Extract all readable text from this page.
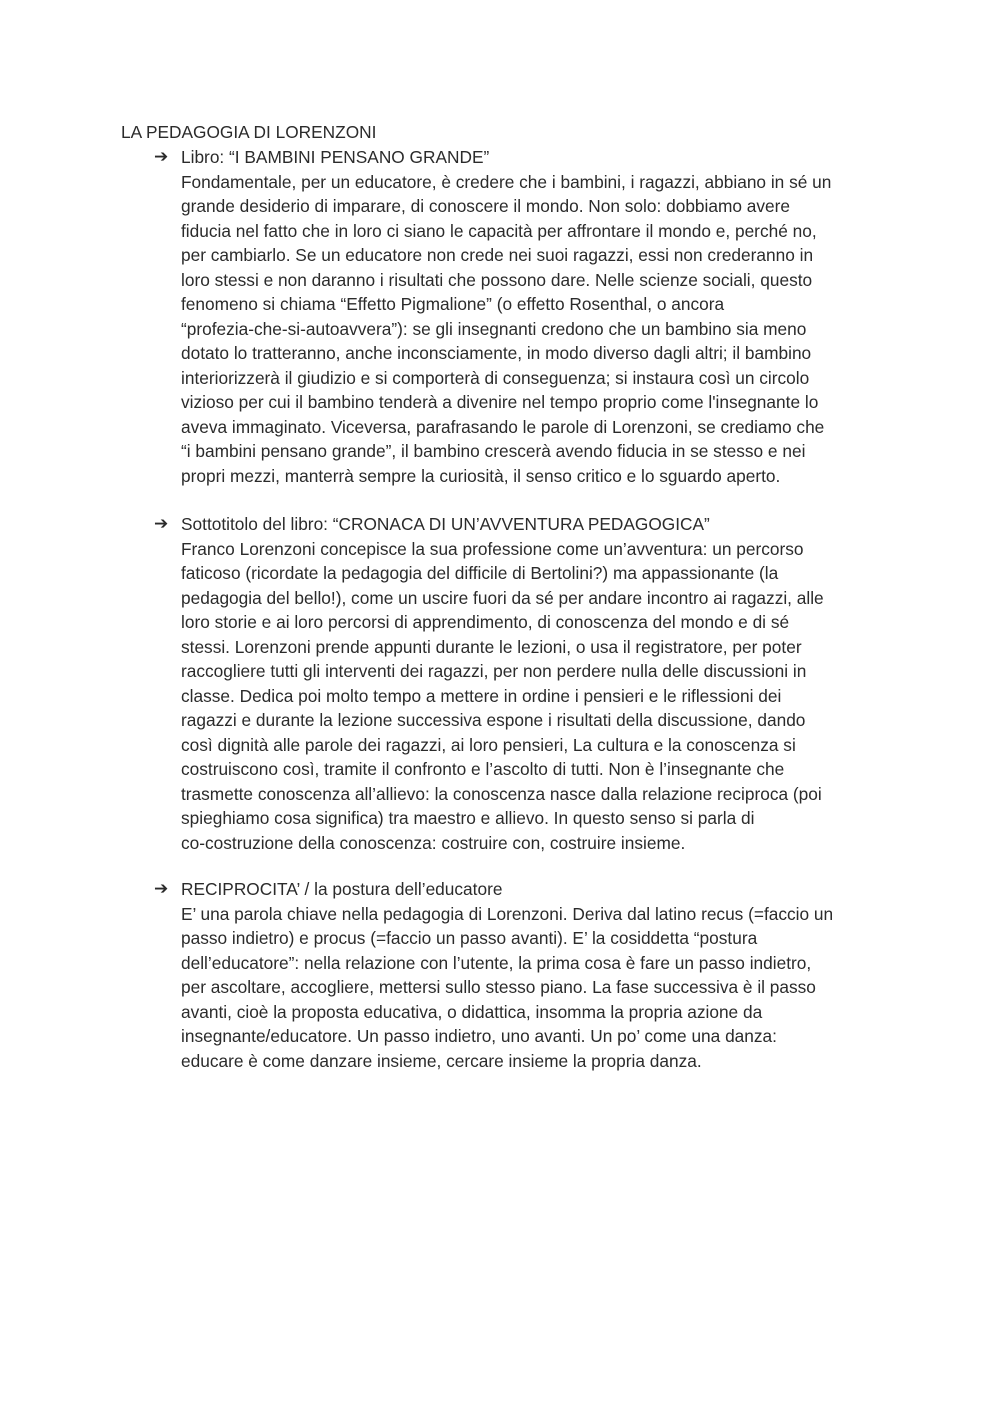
LA PEDAGOGIA DI LORENZONI
➔ Libro: “I BAMBINI PENSANO GRANDE”
Fondamentale, per un educatore, è credere che i bambini, i ragazzi, abbiano in sé un
grande desiderio di imparare, di conoscere il mondo. Non solo: dobbiamo avere
fiducia nel fatto che in loro ci siano le capacità per affrontare il mondo e, perché no,
per cambiarlo. Se un educatore non crede nei suoi ragazzi, essi non crederanno in
loro stessi e non daranno i risultati che possono dare. Nelle scienze sociali, questo
fenomeno si chiama “Effetto Pigmalione” (o effetto Rosenthal, o ancora
“profezia-che-si-autoavvera”): se gli insegnanti credono che un bambino sia meno
dotato lo tratteranno, anche inconsciamente, in modo diverso dagli altri; il bambino
interiorizzerà il giudizio e si comporterà di conseguenza; si instaura così un circolo
vizioso per cui il bambino tenderà a divenire nel tempo proprio come l'insegnante lo
aveva immaginato. Viceversa, parafrasando le parole di Lorenzoni, se crediamo che
“i bambini pensano grande”, il bambino crescerà avendo fiducia in se stesso e nei
propri mezzi, manterrà sempre la curiosità, il senso critico e lo sguardo aperto.
➔ Sottotitolo del libro: “CRONACA DI UN’AVVENTURA PEDAGOGICA”
Franco Lorenzoni concepisce la sua professione come un’avventura: un percorso
faticoso (ricordate la pedagogia del difficile di Bertolini?) ma appassionante (la
pedagogia del bello!), come un uscire fuori da sé per andare incontro ai ragazzi, alle
loro storie e ai loro percorsi di apprendimento, di conoscenza del mondo e di sé
stessi. Lorenzoni prende appunti durante le lezioni, o usa il registratore, per poter
raccogliere tutti gli interventi dei ragazzi, per non perdere nulla delle discussioni in
classe. Dedica poi molto tempo a mettere in ordine i pensieri e le riflessioni dei
ragazzi e durante la lezione successiva espone i risultati della discussione, dando
così dignità alle parole dei ragazzi, ai loro pensieri, La cultura e la conoscenza si
costruiscono così, tramite il confronto e l’ascolto di tutti. Non è l’insegnante che
trasmette conoscenza all’allievo: la conoscenza nasce dalla relazione reciproca (poi
spieghiamo cosa significa) tra maestro e allievo. In questo senso si parla di
co-costruzione della conoscenza: costruire con, costruire insieme.
➔ RECIPROCITA’ / la postura dell’educatore
E’ una parola chiave nella pedagogia di Lorenzoni. Deriva dal latino recus (=faccio un
passo indietro) e procus (=faccio un passo avanti). E’ la cosiddetta “postura
dell’educatore”: nella relazione con l’utente, la prima cosa è fare un passo indietro,
per ascoltare, accogliere, mettersi sullo stesso piano. La fase successiva è il passo
avanti, cioè la proposta educativa, o didattica, insomma la propria azione da
insegnante/educatore. Un passo indietro, uno avanti. Un po’ come una danza:
educare è come danzare insieme, cercare insieme la propria danza.
